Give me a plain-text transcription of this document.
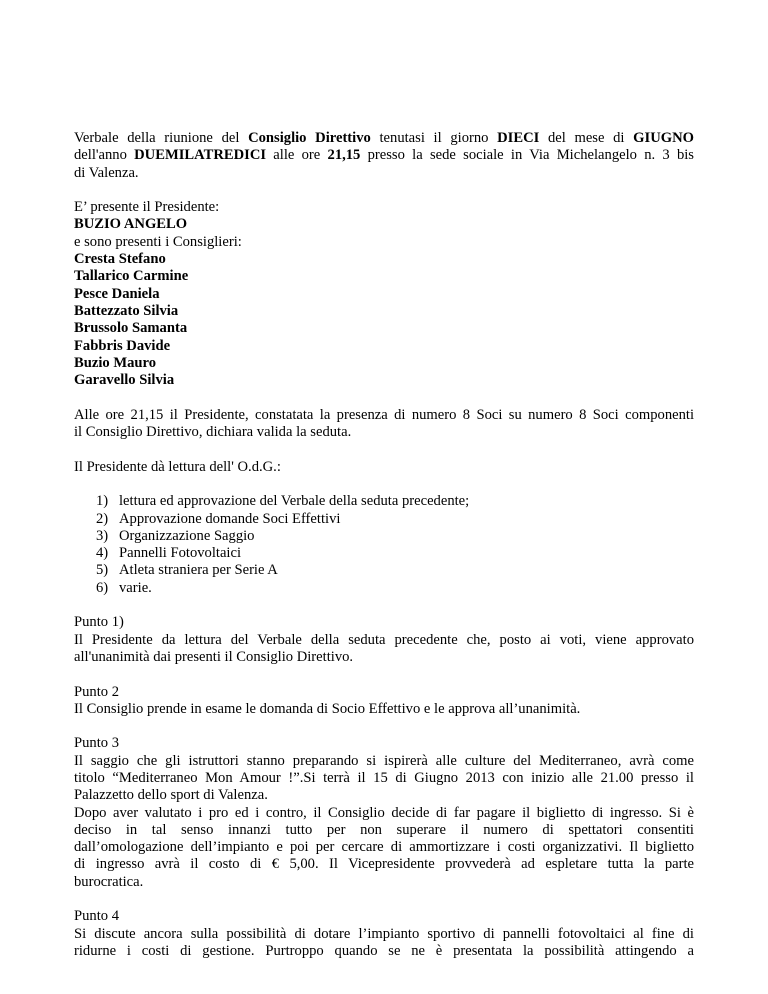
Verbale della riunione del Consiglio Direttivo tenutasi il giorno DIECI del mese di GIUGNO

dell'anno DUEMILATREDICI alle ore 21,15 presso la sede sociale in Via Michelangelo n. 3 bis

di Valenza.

E’ presente il Presidente:

BUZIO ANGELO

e sono presenti i Consiglieri:

Cresta Stefano

Tallarico Carmine

Pesce Daniela

Battezzato Silvia

Brussolo Samanta

Fabbris Davide

Buzio Mauro

Garavello Silvia

Alle ore 21,15 il Presidente, constatata la presenza di numero 8 Soci su numero 8 Soci componenti

il Consiglio Direttivo, dichiara valida la seduta.

Il Presidente dà lettura dell' O.d.G.:

1) lettura ed approvazione del Verbale della seduta precedente;
2) Approvazione domande Soci Effettivi
3) Organizzazione Saggio
4) Pannelli Fotovoltaici
5) Atleta straniera per Serie A
6) varie.

Punto 1)

Il Presidente da lettura del Verbale della seduta precedente che, posto ai voti, viene approvato

all'unanimità dai presenti il Consiglio Direttivo.

Punto 2

Il Consiglio prende in esame le domanda di Socio Effettivo e le approva all’unanimità.

Punto 3

Il saggio che gli istruttori stanno preparando si ispirerà alle culture del Mediterraneo, avrà come

titolo “Mediterraneo Mon Amour !”.Si terrà il 15 di Giugno 2013 con inizio alle 21.00 presso il

Palazzetto dello sport di Valenza.

Dopo aver valutato i pro ed i contro, il Consiglio decide di far pagare il biglietto di ingresso. Si è

deciso in tal senso innanzi tutto per non superare il numero di spettatori consentiti

dall’omologazione dell’impianto e poi per cercare di ammortizzare i costi organizzativi. Il biglietto

di ingresso avrà il costo di € 5,00. Il Vicepresidente provvederà ad espletare tutta la parte

burocratica.

Punto 4

Si discute ancora sulla possibilità di dotare l’impianto sportivo di pannelli fotovoltaici al fine di

ridurne i costi di gestione. Purtroppo quando se ne è presentata la possibilità attingendo a
